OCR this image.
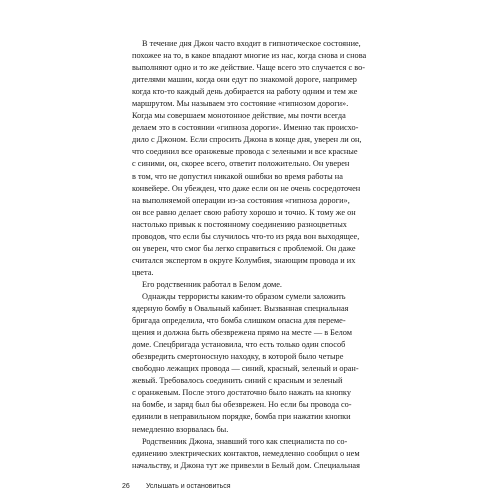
В течение дня Джон часто входит в гипнотическое состояние,
похожее на то, в какое впадают многие из нас, когда снова и снова
выполняют одно и то же действие. Чаще всего это случается с во-
дителями машин, когда они едут по знакомой дороге, например
когда кто-то каждый день добирается на работу одним и тем же
маршрутом. Мы называем это состояние «гипнозом дороги».
Когда мы совершаем монотонное действие, мы почти всегда
делаем это в состоянии «гипноза дороги». Именно так происхо-
дило с Джоном. Если спросить Джона в конце дня, уверен ли он,
что соединил все оранжевые провода с зелеными и все красные
с синими, он, скорее всего, ответит положительно. Он уверен
в том, что не допустил никакой ошибки во время работы на
конвейере. Он убежден, что даже если он не очень сосредоточен
на выполняемой операции из-за состояния «гипноза дороги»,
он все равно делает свою работу хорошо и точно. К тому же он
настолько привык к постоянному соединению разноцветных
проводов, что если бы случилось что-то из ряда вон выходящее,
он уверен, что смог бы легко справиться с проблемой. Он даже
считался экспертом в округе Колумбия, знающим провода и их
цвета.
Его родственник работал в Белом доме.
Однажды террористы каким-то образом сумели заложить
ядерную бомбу в Овальный кабинет. Вызванная специальная
бригада определила, что бомба слишком опасна для переме-
щения и должна быть обезврежена прямо на месте — в Белом
доме. Спецбригада установила, что есть только один способ
обезвредить смертоносную находку, в которой было четыре
свободно лежащих провода — синий, красный, зеленый и оран-
жевый. Требовалось соединить синий с красным и зеленый
с оранжевым. После этого достаточно было нажать на кнопку
на бомбе, и заряд был бы обезврежен. Но если бы провода со-
единили в неправильном порядке, бомба при нажатии кнопки
немедленно взорвалась бы.
Родственник Джона, знавший того как специалиста по со-
единению электрических контактов, немедленно сообщил о нем
начальству, и Джона тут же привезли в Белый дом. Специальная
26 Услышать и остановиться
